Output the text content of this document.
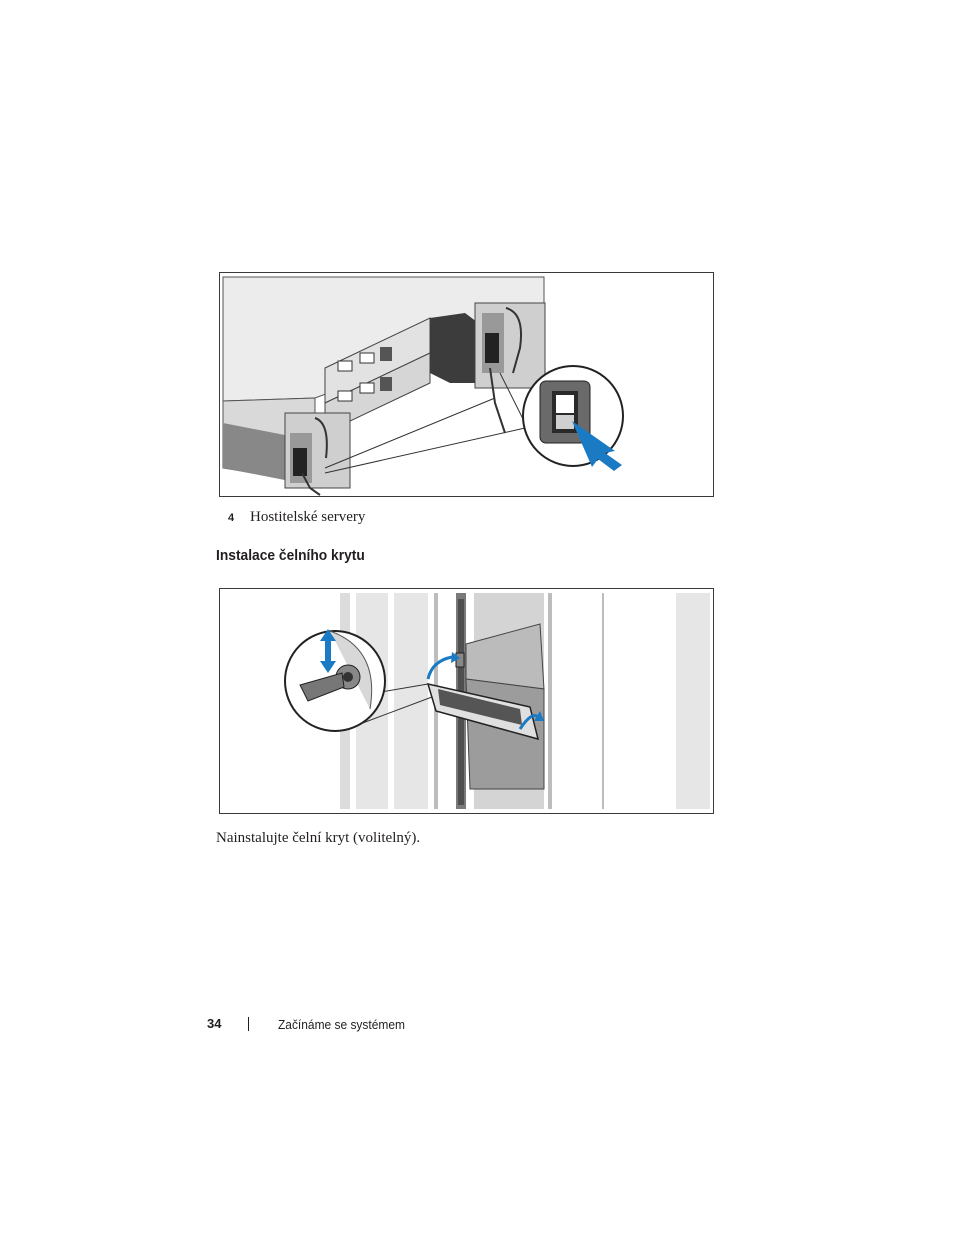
4 Hostitelské servery
Instalace čelního krytu
Nainstalujte čelní kryt (volitelný).
34	Začínáme se systémem
